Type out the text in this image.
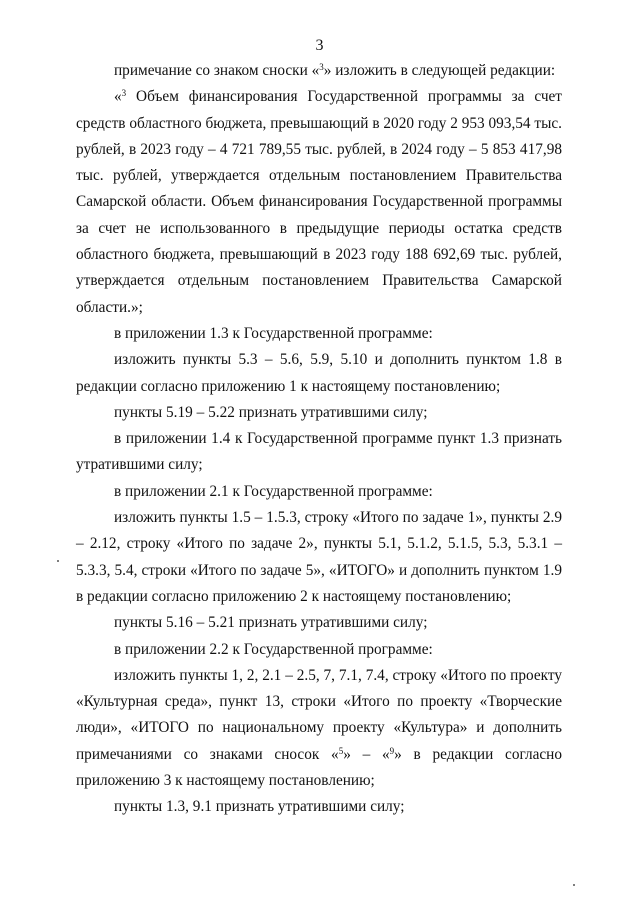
3

примечание со знаком сноски «$^3$» изложить в следующей редакции:

«$^3$ Объем финансирования Государственной программы за счет средств областного бюджета, превышающий в 2020 году 2 953 093,54 тыс. рублей, в 2023 году – 4 721 789,55 тыс. рублей, в 2024 году – 5 853 417,98 тыс. рублей, утверждается отдельным постановлением Правительства Самарской области. Объем финансирования Государственной программы за счет не использованного в предыдущие периоды остатка средств областного бюджета, превышающий в 2023 году 188 692,69 тыс. рублей, утверждается отдельным постановлением Правительства Самарской области.»;

в приложении 1.3 к Государственной программе:

изложить пункты 5.3 – 5.6, 5.9, 5.10 и дополнить пунктом 1.8 в редакции согласно приложению 1 к настоящему постановлению;

пункты 5.19 – 5.22 признать утратившими силу;

в приложении 1.4 к Государственной программе пункт 1.3 признать утратившими силу;

в приложении 2.1 к Государственной программе:

изложить пункты 1.5 – 1.5.3, строку «Итого по задаче 1», пункты 2.9 – 2.12, строку «Итого по задаче 2», пункты 5.1, 5.1.2, 5.1.5, 5.3, 5.3.1 – 5.3.3, 5.4, строки «Итого по задаче 5», «ИТОГО» и дополнить пунктом 1.9 в редакции согласно приложению 2 к настоящему постановлению;

пункты 5.16 – 5.21 признать утратившими силу;

в приложении 2.2 к Государственной программе:

изложить пункты 1, 2, 2.1 – 2.5, 7, 7.1, 7.4, строку «Итого по проекту «Культурная среда», пункт 13, строки «Итого по проекту «Творческие люди», «ИТОГО по национальному проекту «Культура» и дополнить примечаниями со знаками сносок «$^5$» – «$^9$» в редакции согласно приложению 3 к настоящему постановлению;

пункты 1.3, 9.1 признать утратившими силу;
